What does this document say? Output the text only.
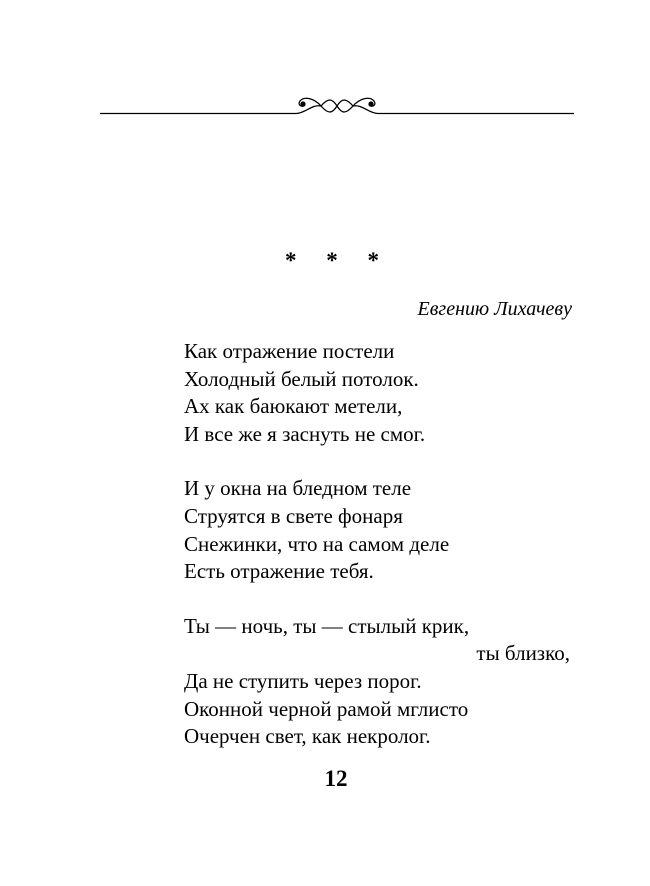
* * *
Евгению Лихачеву
Как отражение постели
Холодный белый потолок.
Ах как баюкают метели,
И все же я заснуть не смог.
И у окна на бледном теле
Струятся в свете фонаря
Снежинки, что на самом деле
Есть отражение тебя.
Ты — ночь, ты — стылый крик,
ты близко,
Да не ступить через порог.
Оконной черной рамой мглисто
Очерчен свет, как некролог.
12
